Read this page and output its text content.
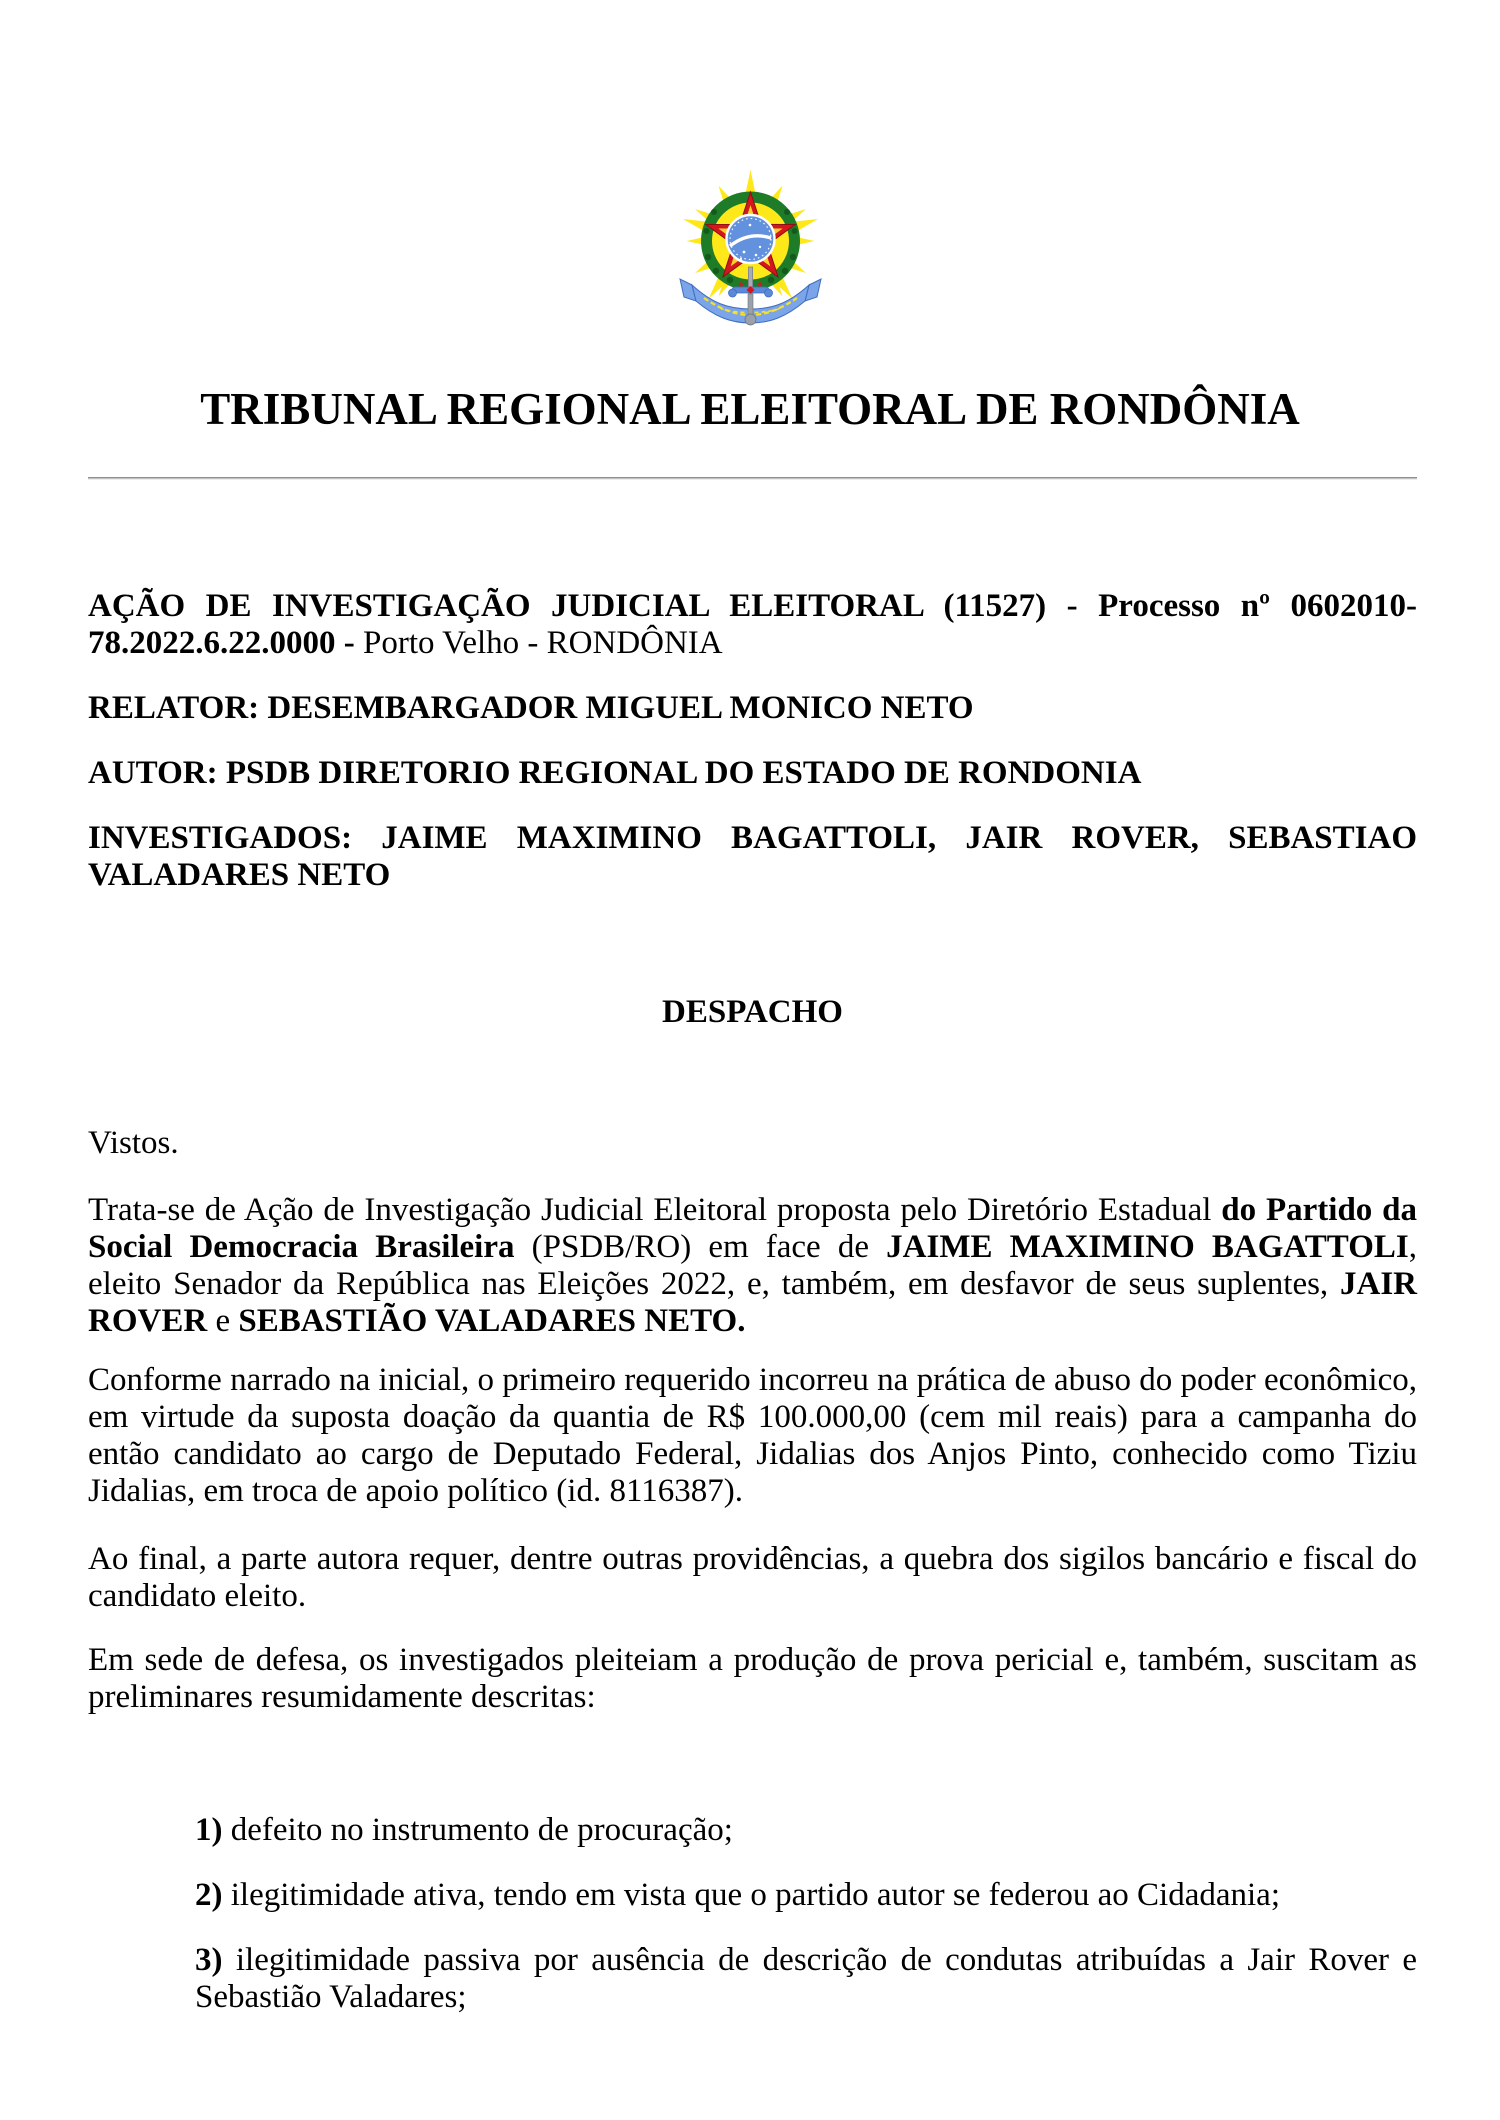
TRIBUNAL REGIONAL ELEITORAL DE RONDÔNIA

AÇÃO DE INVESTIGAÇÃO JUDICIAL ELEITORAL (11527) - Processo nº 0602010-78.2022.6.22.0000 - Porto Velho - RONDÔNIA

RELATOR: DESEMBARGADOR MIGUEL MONICO NETO

AUTOR: PSDB DIRETORIO REGIONAL DO ESTADO DE RONDONIA

INVESTIGADOS: JAIME MAXIMINO BAGATTOLI, JAIR ROVER, SEBASTIAO VALADARES NETO

DESPACHO

Vistos.

Trata-se de Ação de Investigação Judicial Eleitoral proposta pelo Diretório Estadual do Partido da Social Democracia Brasileira (PSDB/RO) em face de JAIME MAXIMINO BAGATTOLI, eleito Senador da República nas Eleições 2022, e, também, em desfavor de seus suplentes, JAIR ROVER e SEBASTIÃO VALADARES NETO.

Conforme narrado na inicial, o primeiro requerido incorreu na prática de abuso do poder econômico, em virtude da suposta doação da quantia de R$ 100.000,00 (cem mil reais) para a campanha do então candidato ao cargo de Deputado Federal, Jidalias dos Anjos Pinto, conhecido como Tiziu Jidalias, em troca de apoio político (id. 8116387).

Ao final, a parte autora requer, dentre outras providências, a quebra dos sigilos bancário e fiscal do candidato eleito.

Em sede de defesa, os investigados pleiteiam a produção de prova pericial e, também, suscitam as preliminares resumidamente descritas:

1) defeito no instrumento de procuração;

2) ilegitimidade ativa, tendo em vista que o partido autor se federou ao Cidadania;

3) ilegitimidade passiva por ausência de descrição de condutas atribuídas a Jair Rover e Sebastião Valadares;
